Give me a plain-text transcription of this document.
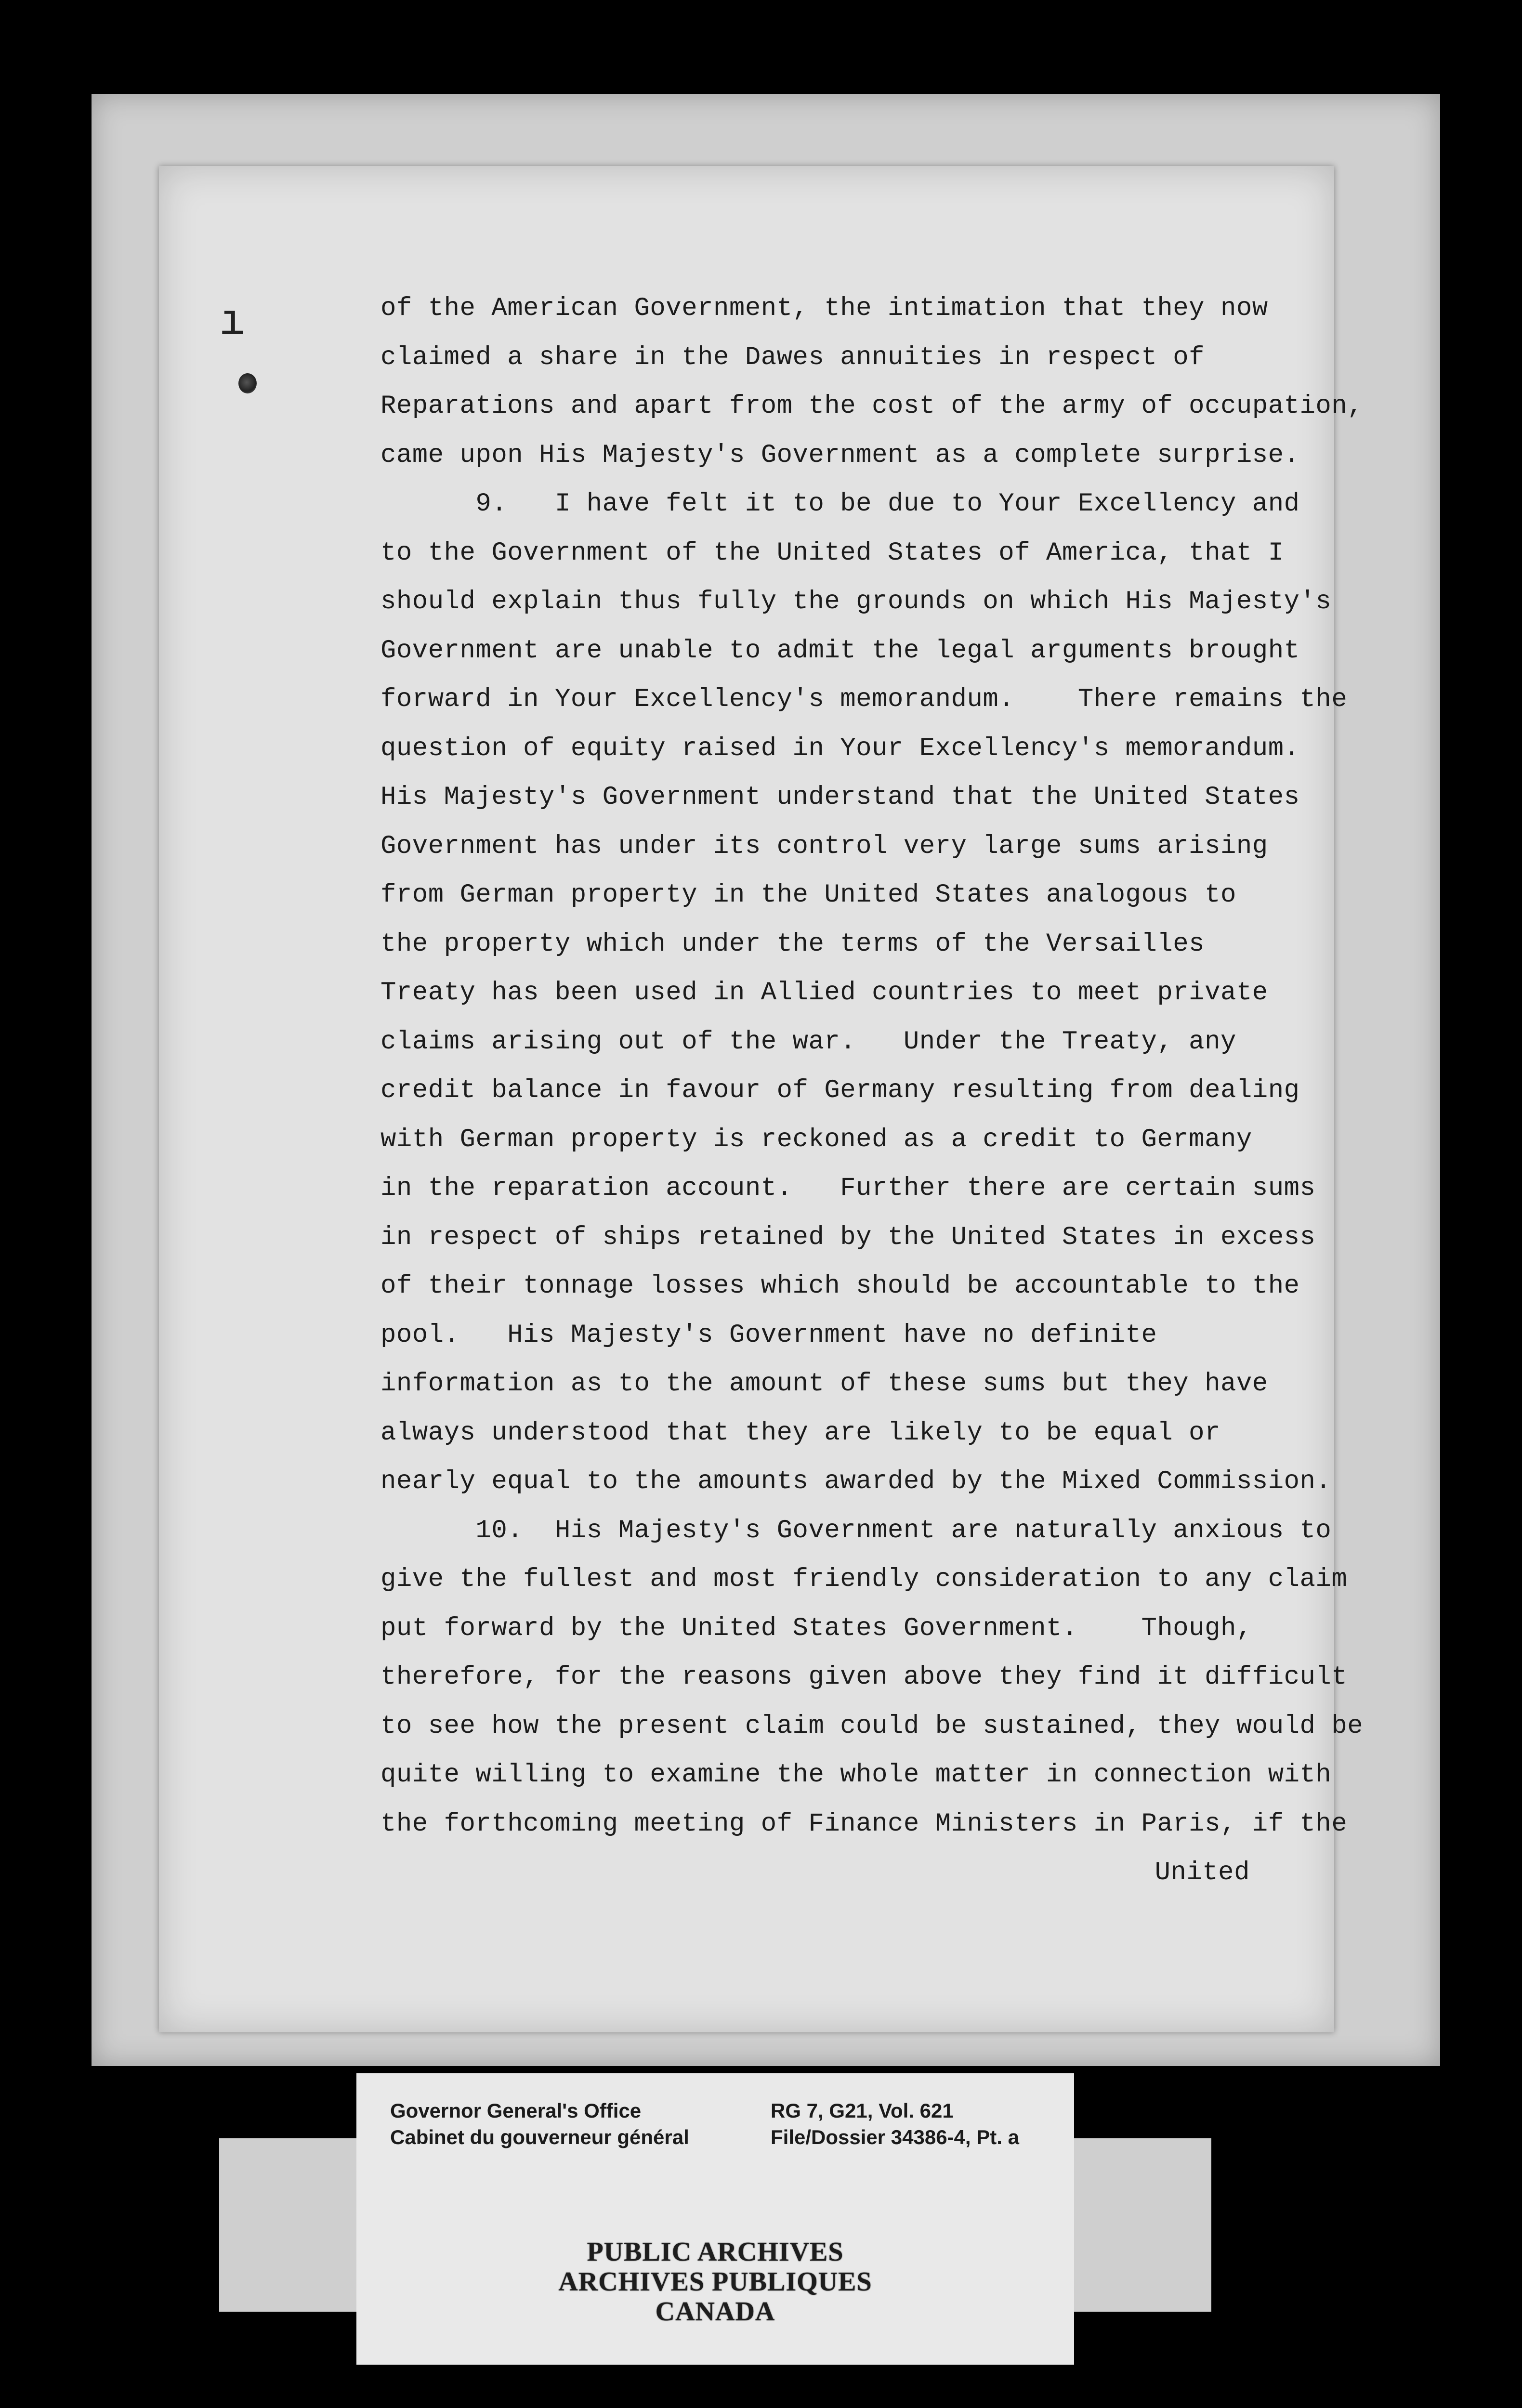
ı	of the American Government, the intimation that they now
claimed a share in the Dawes annuities in respect of
Reparations and apart from the cost of the army of occupation,
came upon His Majesty's Government as a complete surprise.
9.   I have felt it to be due to Your Excellency and
to the Government of the United States of America, that I
should explain thus fully the grounds on which His Majesty's
Government are unable to admit the legal arguments brought
forward in Your Excellency's memorandum.    There remains the
question of equity raised in Your Excellency's memorandum.
His Majesty's Government understand that the United States
Government has under its control very large sums arising
from German property in the United States analogous to
the property which under the terms of the Versailles
Treaty has been used in Allied countries to meet private
claims arising out of the war.   Under the Treaty, any
credit balance in favour of Germany resulting from dealing
with German property is reckoned as a credit to Germany
in the reparation account.   Further there are certain sums
in respect of ships retained by the United States in excess
of their tonnage losses which should be accountable to the
pool.   His Majesty's Government have no definite
information as to the amount of these sums but they have
always understood that they are likely to be equal or
nearly equal to the amounts awarded by the Mixed Commission.
10.  His Majesty's Government are naturally anxious to
give the fullest and most friendly consideration to any claim
put forward by the United States Government.    Though,
therefore, for the reasons given above they find it difficult
to see how the present claim could be sustained, they would be
quite willing to examine the whole matter in connection with
the forthcoming meeting of Finance Ministers in Paris, if the
United
Governor General's Office
Cabinet du gouverneur général
RG 7, G21, Vol. 621
File/Dossier 34386-4, Pt. a
PUBLIC ARCHIVES
ARCHIVES PUBLIQUES
CANADA
